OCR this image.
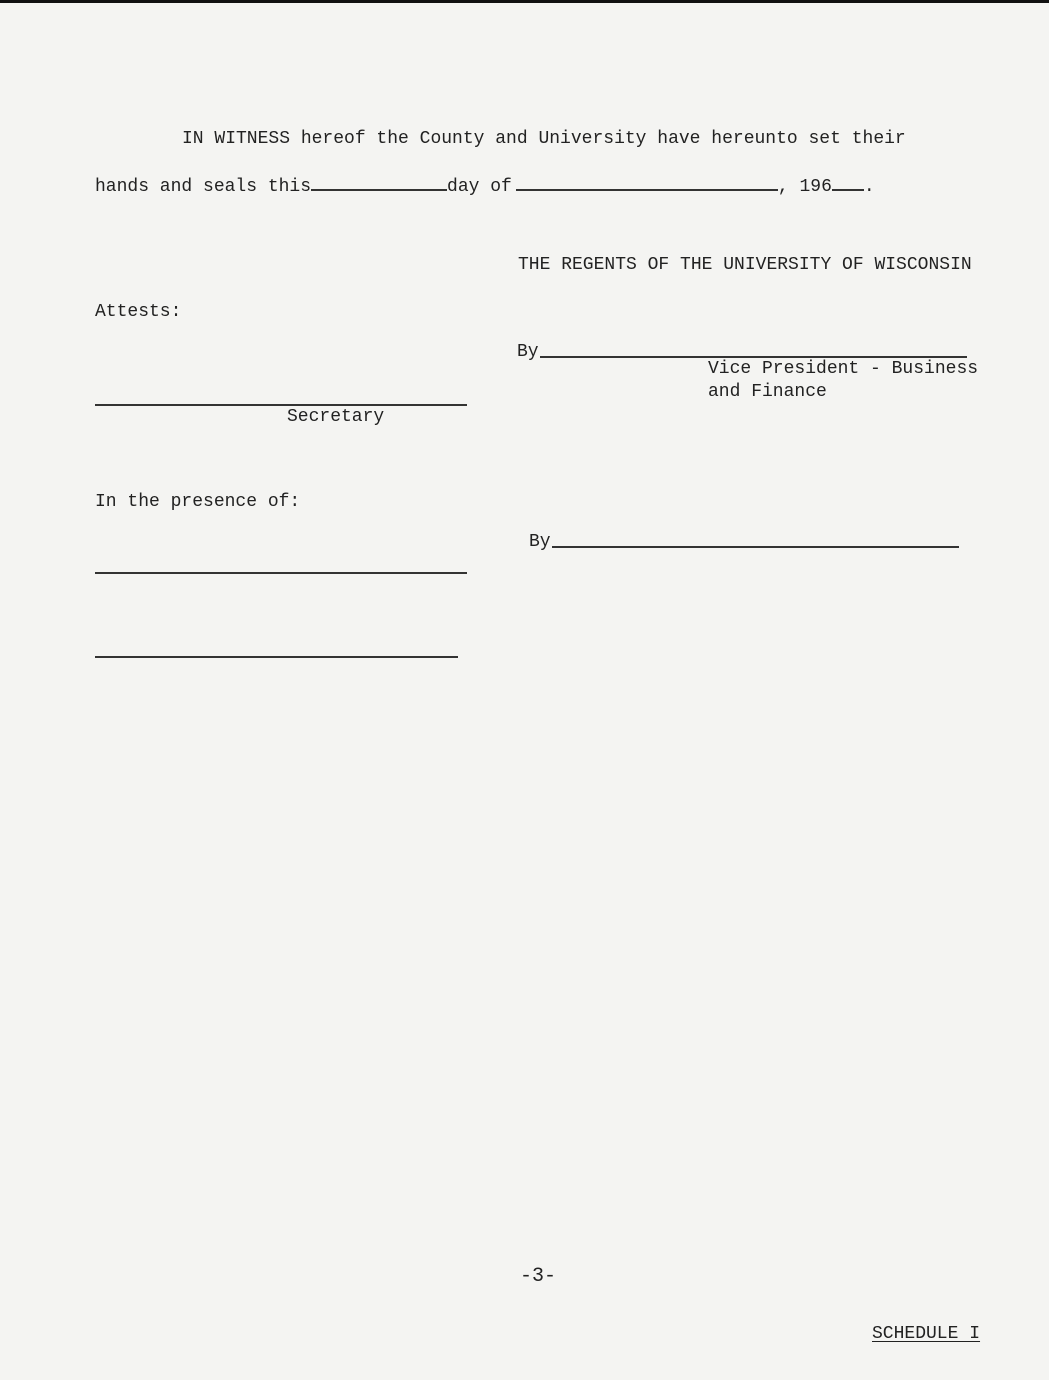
IN WITNESS hereof the County and University have hereunto set their
hands and seals this	day of	, 196 .
THE REGENTS OF THE UNIVERSITY OF WISCONSIN
Attests:
By
Vice President - Business
and Finance
Secretary
In the presence of:
By
-3-
SCHEDULE I
